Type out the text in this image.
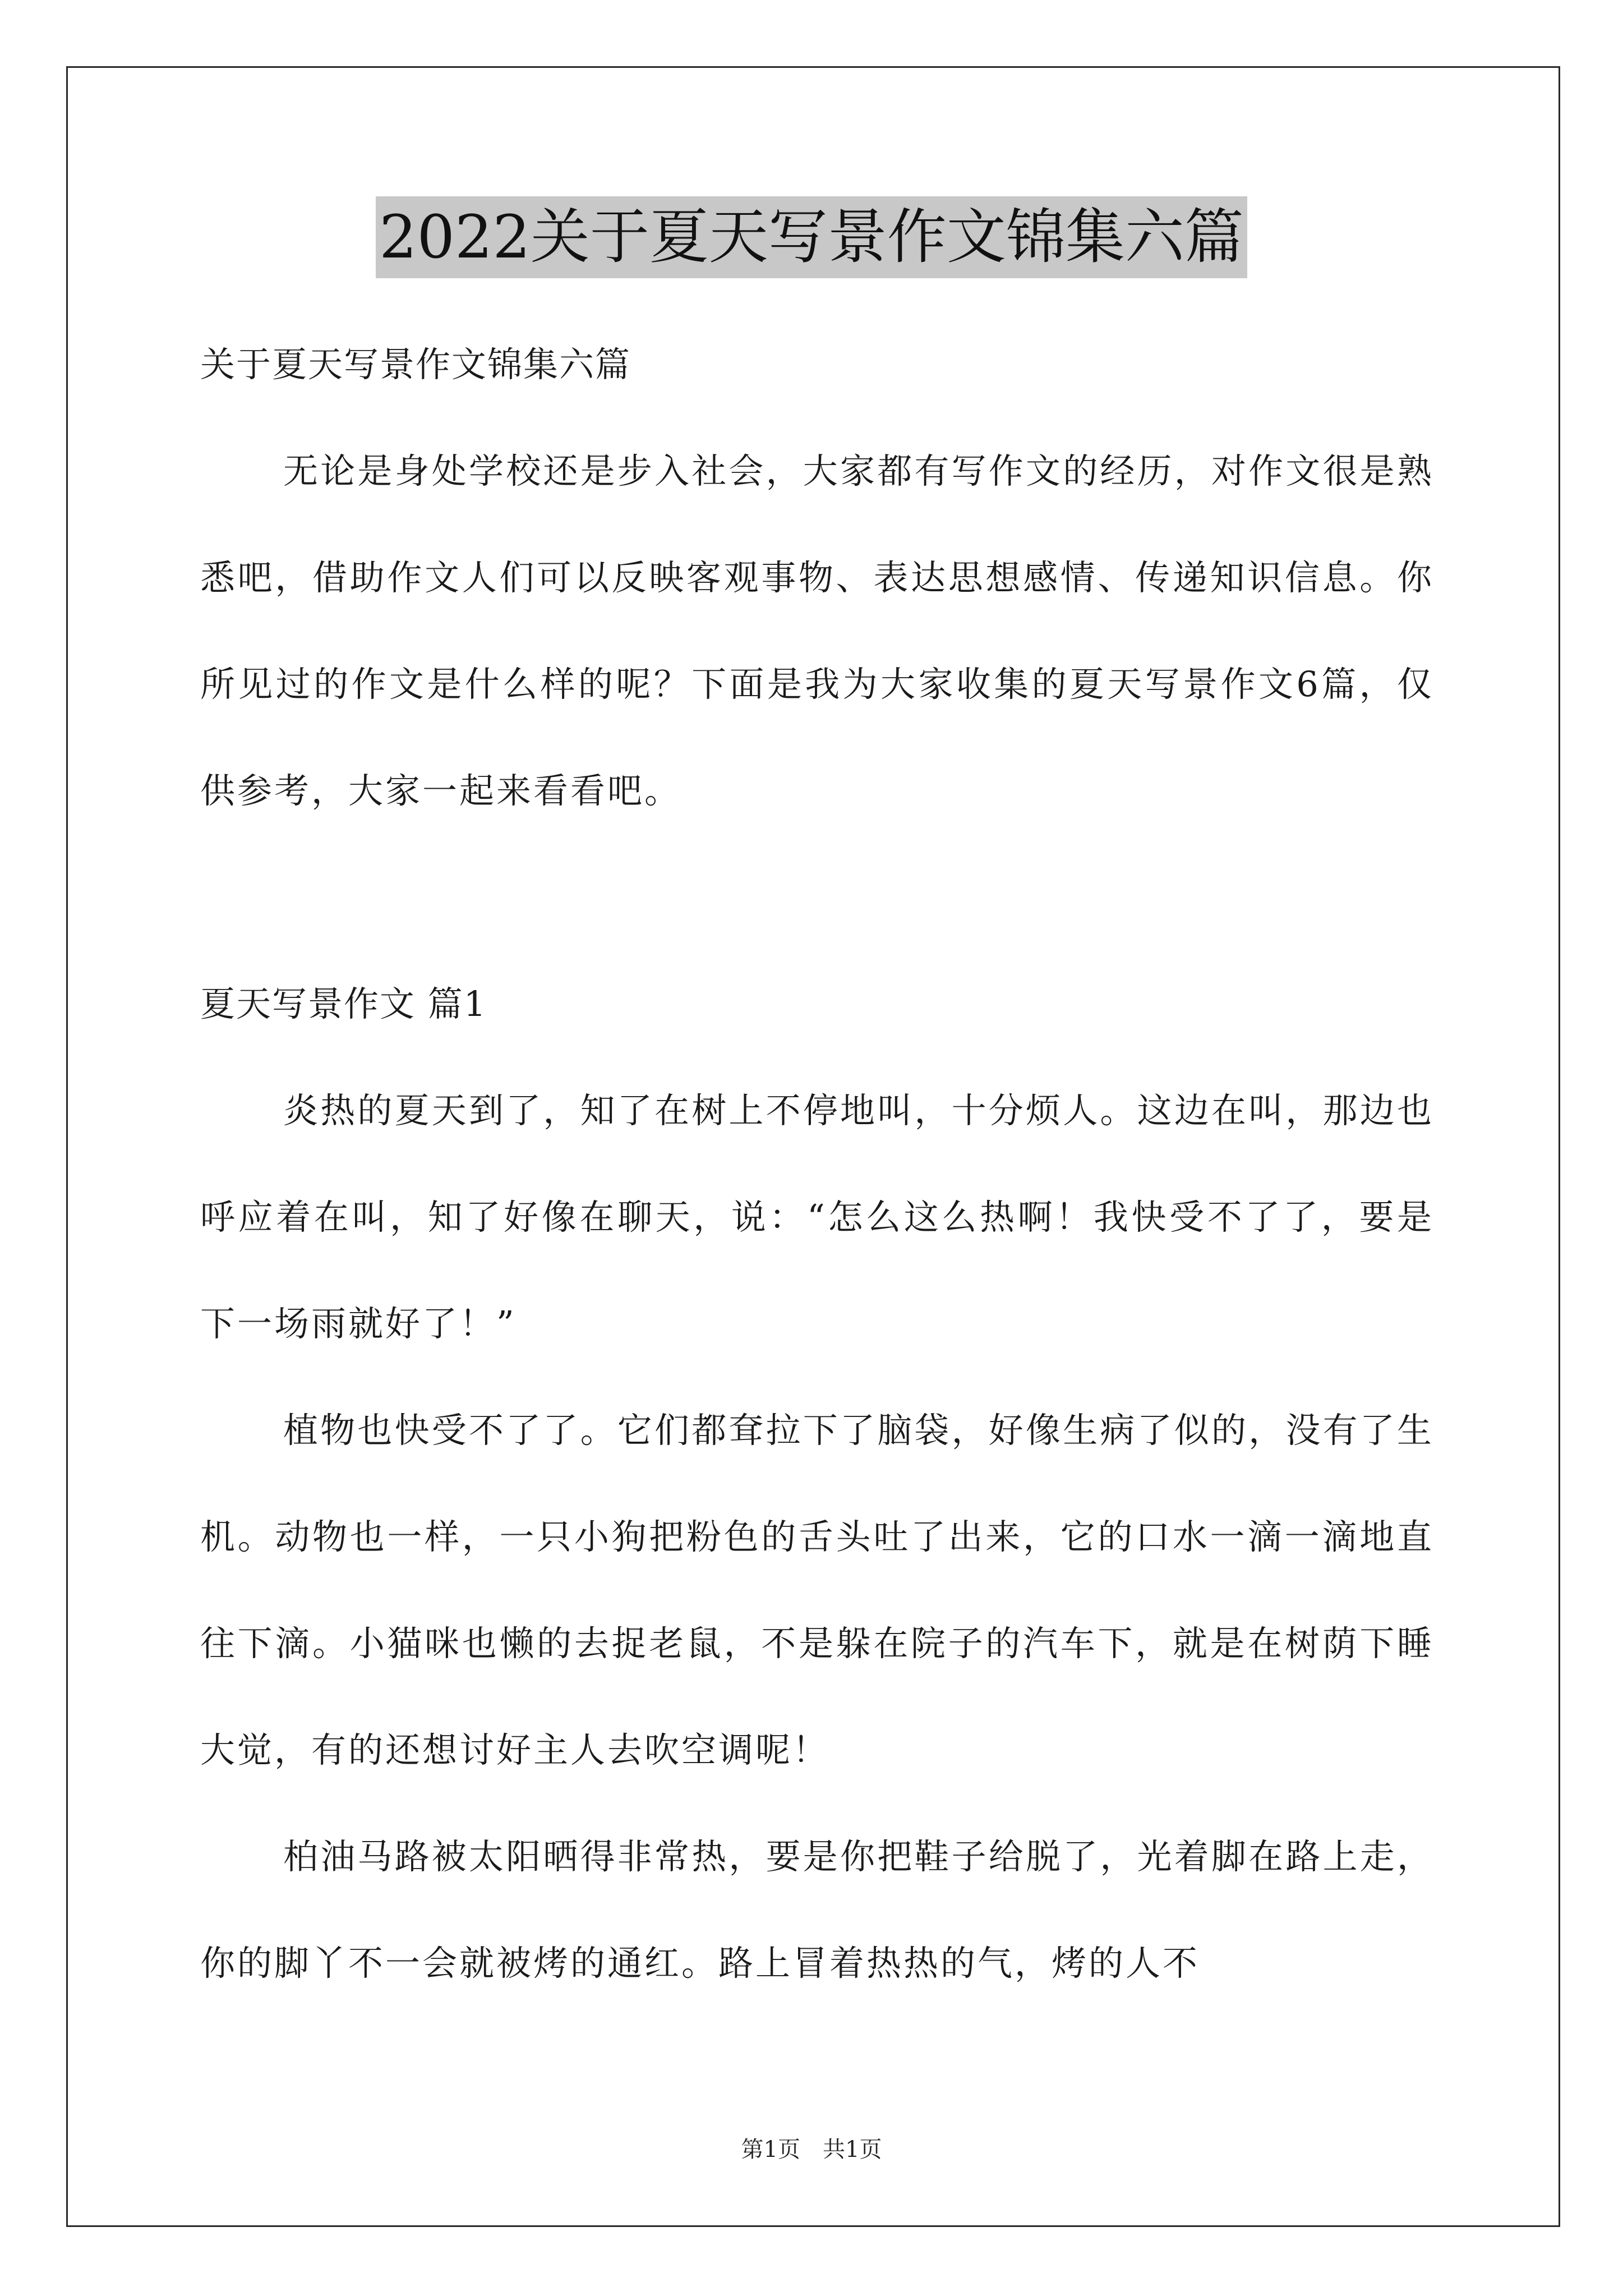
2022关于夏天写景作文锦集六篇

关于夏天写景作文锦集六篇

无论是身处学校还是步入社会，大家都有写作文的经历，对作文很是熟悉吧，借助作文人们可以反映客观事物、表达思想感情、传递知识信息。你所见过的作文是什么样的呢？下面是我为大家收集的夏天写景作文6篇，仅供参考，大家一起来看看吧。

夏天写景作文 篇1

炎热的夏天到了，知了在树上不停地叫，十分烦人。这边在叫，那边也呼应着在叫，知了好像在聊天，说：“怎么这么热啊！我快受不了了，要是下一场雨就好了！”

植物也快受不了了。它们都耷拉下了脑袋，好像生病了似的，没有了生机。动物也一样，一只小狗把粉色的舌头吐了出来，它的口水一滴一滴地直往下滴。小猫咪也懒的去捉老鼠，不是躲在院子的汽车下，就是在树荫下睡大觉，有的还想讨好主人去吹空调呢！

柏油马路被太阳晒得非常热，要是你把鞋子给脱了，光着脚在路上走，你的脚丫不一会就被烤的通红。路上冒着热热的气，烤的人不

第1页　共1页
